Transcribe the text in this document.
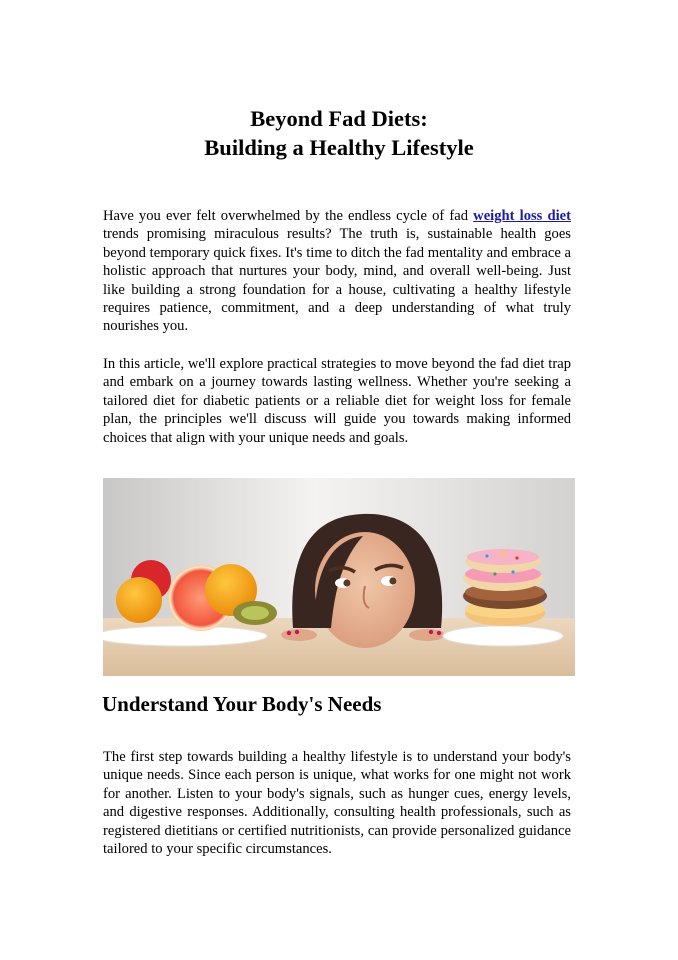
Beyond Fad Diets:
Building a Healthy Lifestyle

Have you ever felt overwhelmed by the endless cycle of fad weight loss diet trends promising miraculous results? The truth is, sustainable health goes beyond temporary quick fixes. It's time to ditch the fad mentality and embrace a holistic approach that nurtures your body, mind, and overall well-being. Just like building a strong foundation for a house, cultivating a healthy lifestyle requires patience, commitment, and a deep understanding of what truly nourishes you.

In this article, we'll explore practical strategies to move beyond the fad diet trap and embark on a journey towards lasting wellness. Whether you're seeking a tailored diet for diabetic patients or a reliable diet for weight loss for female plan, the principles we'll discuss will guide you towards making informed choices that align with your unique needs and goals.

Understand Your Body's Needs

The first step towards building a healthy lifestyle is to understand your body's unique needs. Since each person is unique, what works for one might not work for another. Listen to your body's signals, such as hunger cues, energy levels, and digestive responses. Additionally, consulting health professionals, such as registered dietitians or certified nutritionists, can provide personalized guidance tailored to your specific circumstances.
